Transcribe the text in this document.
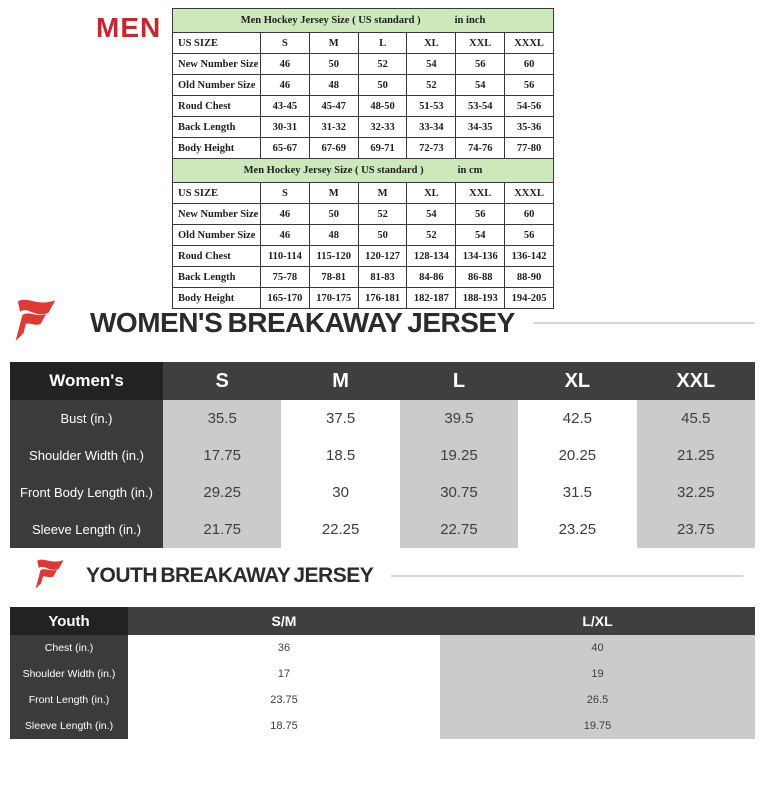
MEN	Men Hockey Jersey Size ( US standard ) in inch						
US SIZE	S	M	L	XL	XXL	XXXL
New Number Size	46	50	52	54	56	60
Old Number Size	46	48	50	52	54	56
Roud Chest	43-45	45-47	48-50	51-53	53-54	54-56
Back Length	30-31	31-32	32-33	33-34	34-35	35-36
Body Height	65-67	67-69	69-71	72-73	74-76	77-80
Men Hockey Jersey Size ( US standard ) in cm						
US SIZE	S	M	M	XL	XXL	XXXL
New Number Size	46	50	52	54	56	60
Old Number Size	46	48	50	52	54	56
Roud Chest	110-114	115-120	120-127	128-134	134-136	136-142
Back Length	75-78	78-81	81-83	84-86	86-88	88-90
Body Height	165-170	170-175	176-181	182-187	188-193	194-205
WOMEN'S BREAKAWAY JERSEY
Women's	S	M	L	XL	XXL
Bust (in.)	35.5	37.5	39.5	42.5	45.5
Shoulder Width (in.)	17.75	18.5	19.25	20.25	21.25
Front Body Length (in.)	29.25	30	30.75	31.5	32.25
Sleeve Length (in.)	21.75	22.25	22.75	23.25	23.75
YOUTH BREAKAWAY JERSEY
Youth	S/M	L/XL
Chest (in.)	36	40
Shoulder Width (in.)	17	19
Front Length (in.)	23.75	26.5
Sleeve Length (in.)	18.75	19.75
